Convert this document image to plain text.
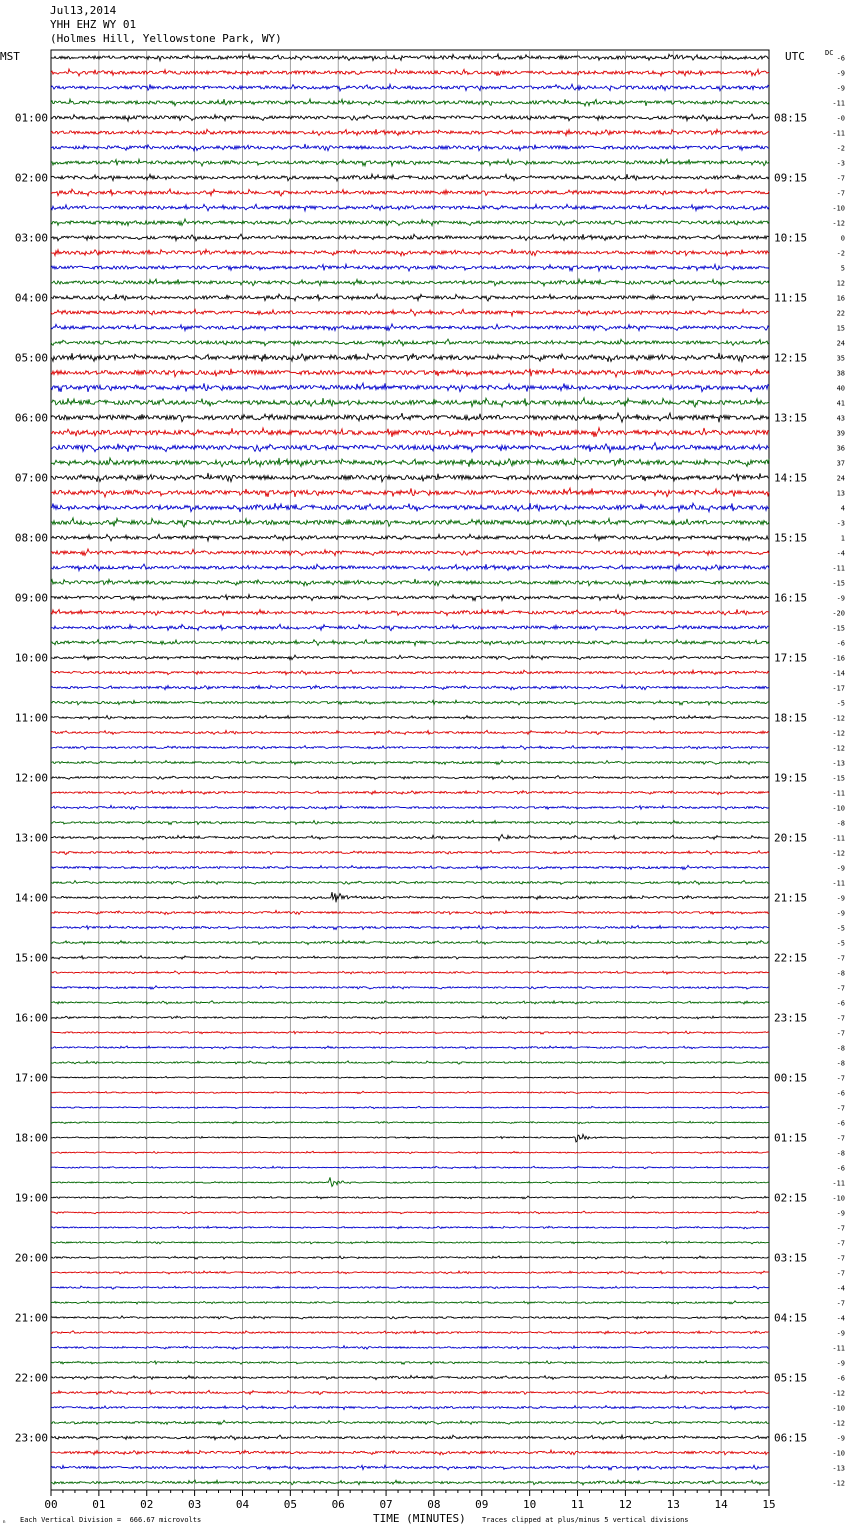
Jul13,2014
YHH EHZ WY 01
(Holmes Hill, Yellowstone Park, WY)
MST	UTC	DC
01:00
02:00
03:00
04:00
05:00
06:00
07:00
08:00
09:00
10:00
11:00
12:00
13:00
14:00
15:00
16:00
17:00
18:00
19:00
20:00
21:00
22:00
23:00
08:15
09:15
10:15
11:15
12:15
13:15
14:15
15:15
16:15
17:15
18:15
19:15
20:15
21:15
22:15
23:15
00:15
01:15
02:15
03:15
04:15
05:15
06:15
-6
-9
-9
-11
-0
-11
-2
-3
-7
-7
-10
-12
0
-2
5
12
16
22
15
24
35
38
40
41
43
39
36
37
24
13
4
-3
1
-4
-11
-15
-9
-20
-15
-6
-16
-14
-17
-5
-12
-12
-12
-13
-15
-11
-10
-8
-11
-12
-9
-11
-9
-9
-5
-5
-7
-8
-7
-6
-7
-7
-8
-8
-7
-6
-7
-6
-7
-8
-6
-11
-10
-9
-7
-7
-7
-7
-4
-7
-4
-9
-11
-9
-6
-12
-10
-12
-9
-10
-13
-12
00	01	02	03	04	05	06	07	08	09	10	11	12	13	14	15
TIME (MINUTES)
ₙ Each Vertical Division =  666.67 microvolts	Traces clipped at plus/minus 5 vertical divisions
